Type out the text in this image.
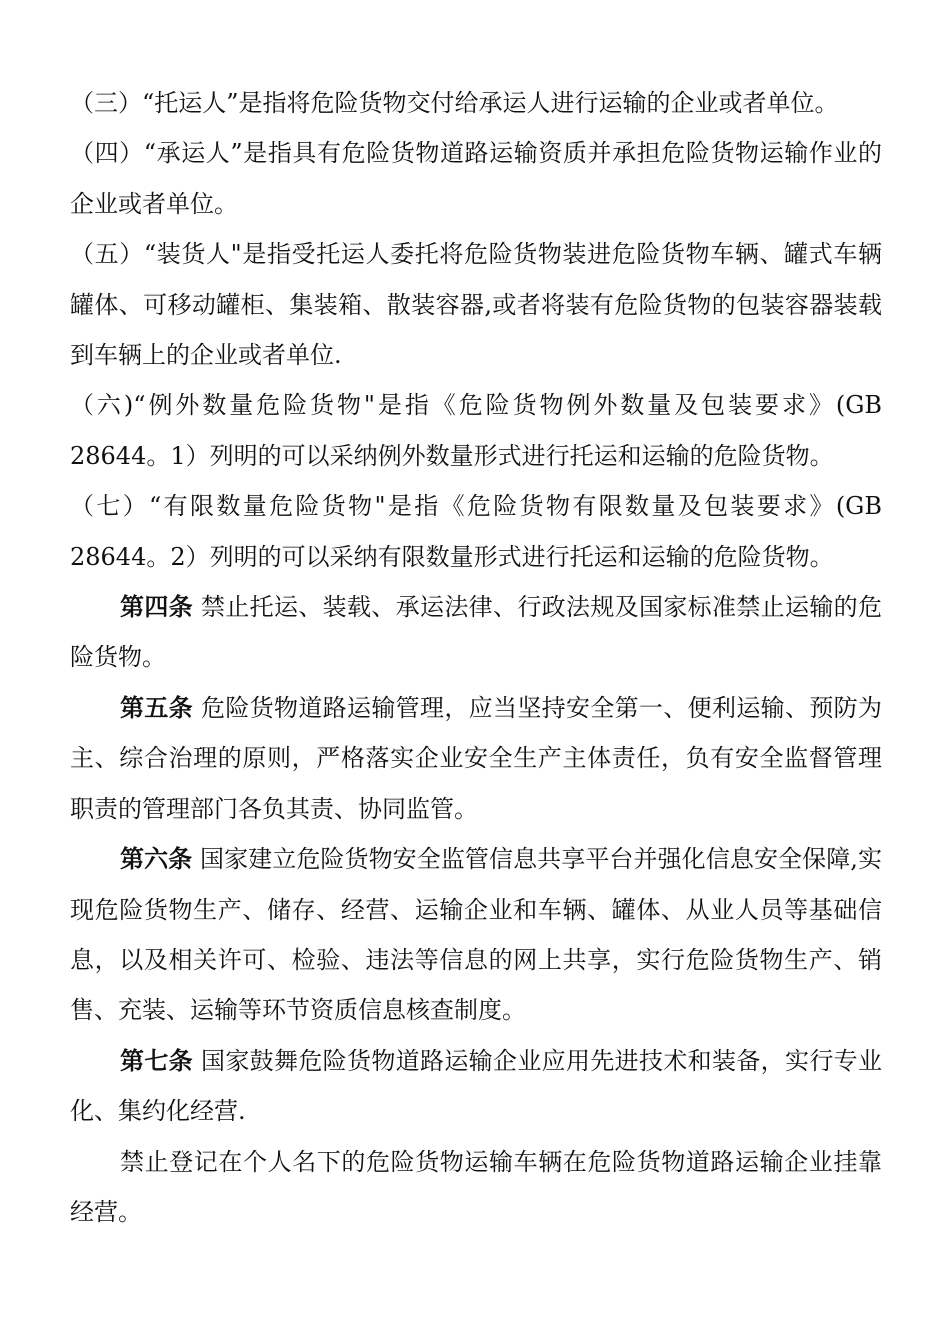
（三）“托运人”是指将危险货物交付给承运人进行运输的企业或者单位。

（四）“承运人”是指具有危险货物道路运输资质并承担危险货物运输作业的企业或者单位。

（五）“装货人"是指受托运人委托将危险货物装进危险货物车辆、罐式车辆罐体、可移动罐柜、集装箱、散装容器,或者将装有危险货物的包装容器装载到车辆上的企业或者单位.

（六)“例外数量危险货物"是指《危险货物例外数量及包装要求》(GB 28644。1）列明的可以采纳例外数量形式进行托运和运输的危险货物。

（七）“有限数量危险货物"是指《危险货物有限数量及包装要求》(GB 28644。2）列明的可以采纳有限数量形式进行托运和运输的危险货物。

第四条 禁止托运、装载、承运法律、行政法规及国家标准禁止运输的危险货物。

第五条 危险货物道路运输管理，应当坚持安全第一、便利运输、预防为主、综合治理的原则，严格落实企业安全生产主体责任，负有安全监督管理职责的管理部门各负其责、协同监管。

第六条 国家建立危险货物安全监管信息共享平台并强化信息安全保障,实现危险货物生产、储存、经营、运输企业和车辆、罐体、从业人员等基础信息，以及相关许可、检验、违法等信息的网上共享，实行危险货物生产、销售、充装、运输等环节资质信息核查制度。

第七条 国家鼓舞危险货物道路运输企业应用先进技术和装备，实行专业化、集约化经营.

禁止登记在个人名下的危险货物运输车辆在危险货物道路运输企业挂靠经营。
